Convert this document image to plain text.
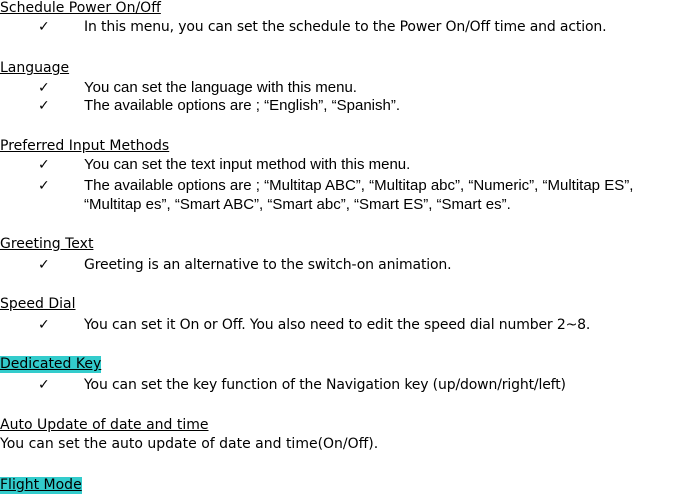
Schedule Power On/Off
✓ In this menu, you can set the schedule to the Power On/Off time and action.
Language
✓ You can set the language with this menu.
✓ The available options are ; “English”, “Spanish”.
Preferred Input Methods
✓ You can set the text input method with this menu.
✓ The available options are ; “Multitap ABC”, “Multitap abc”, “Numeric”, “Multitap ES”,
“Multitap es”, “Smart ABC”, “Smart abc”, “Smart ES”, “Smart es”.
Greeting Text
✓ Greeting is an alternative to the switch-on animation.
Speed Dial
✓ You can set it On or Off. You also need to edit the speed dial number 2~8.
Dedicated Key
✓ You can set the key function of the Navigation key (up/down/right/left)
Auto Update of date and time
You can set the auto update of date and time(On/Off).
Flight Mode
